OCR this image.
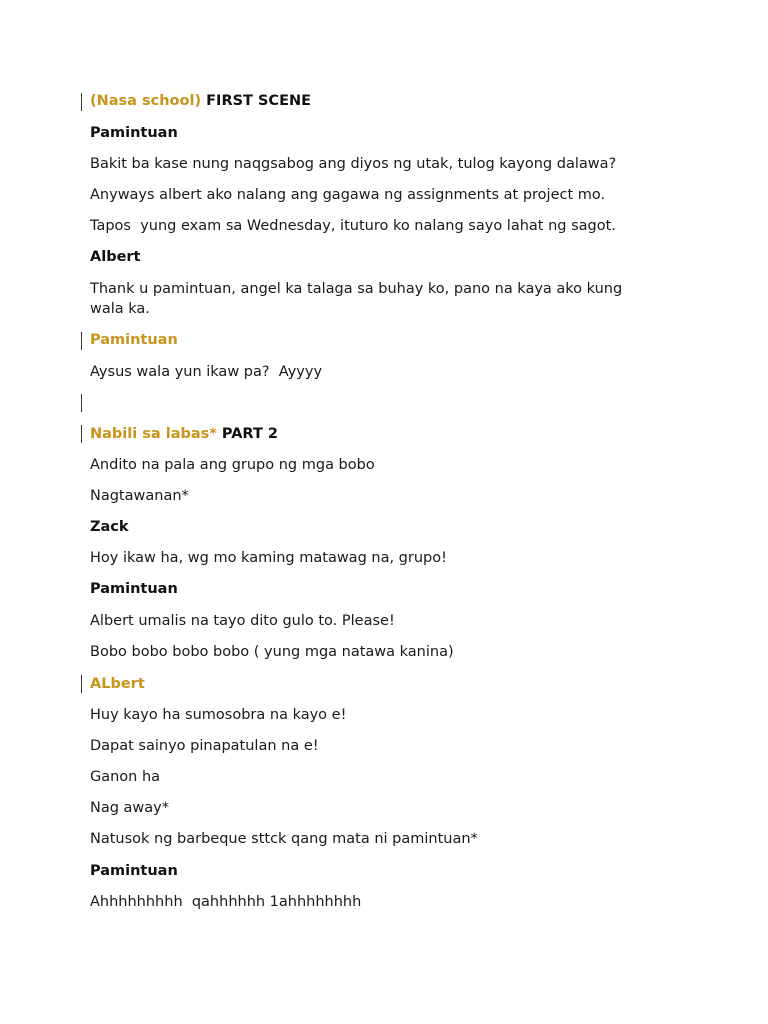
(Nasa school) FIRST SCENE
Pamintuan
Bakit ba kase nung naqgsabog ang diyos ng utak, tulog kayong dalawa?
Anyways albert ako nalang ang gagawa ng assignments at project mo.
Tapos  yung exam sa Wednesday, ituturo ko nalang sayo lahat ng sagot.
Albert
Thank u pamintuan, angel ka talaga sa buhay ko, pano na kaya ako kung wala ka.
Pamintuan
Aysus wala yun ikaw pa?  Ayyyy
Nabili sa labas* PART 2
Andito na pala ang grupo ng mga bobo
Nagtawanan*
Zack
Hoy ikaw ha, wg mo kaming matawag na, grupo!
Pamintuan
Albert umalis na tayo dito gulo to. Please!
Bobo bobo bobo bobo ( yung mga natawa kanina)
ALbert
Huy kayo ha sumosobra na kayo e!
Dapat sainyo pinapatulan na e!
Ganon ha
Nag away*
Natusok ng barbeque sttck qang mata ni pamintuan*
Pamintuan
Ahhhhhhhhh  qahhhhhh 1ahhhhhhhh
